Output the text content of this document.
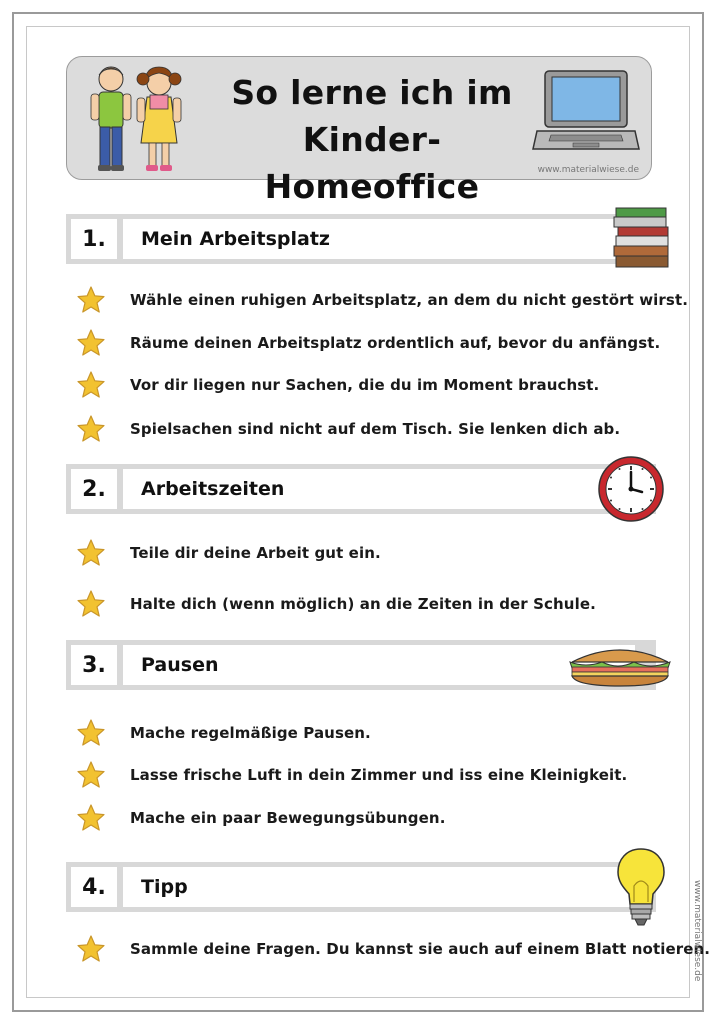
So lerne ich im
Kinder-Homeoffice	www.materialwiese.de
1.	Mein Arbeitsplatz
Wähle einen ruhigen Arbeitsplatz, an dem du nicht gestört wirst.
Räume deinen Arbeitsplatz ordentlich auf, bevor du anfängst.
Vor dir liegen nur Sachen, die du im Moment brauchst.
Spielsachen sind nicht auf dem Tisch. Sie lenken dich ab.
2.	Arbeitszeiten
Teile dir deine Arbeit gut ein.
Halte dich (wenn möglich) an die Zeiten in der Schule.
3.	Pausen
Mache regelmäßige Pausen.
Lasse frische Luft in dein Zimmer und iss eine Kleinigkeit.
Mache ein paar Bewegungsübungen.
4.	Tipp
Sammle deine Fragen. Du kannst sie auch auf einem Blatt notieren.
www.materialwiese.de
